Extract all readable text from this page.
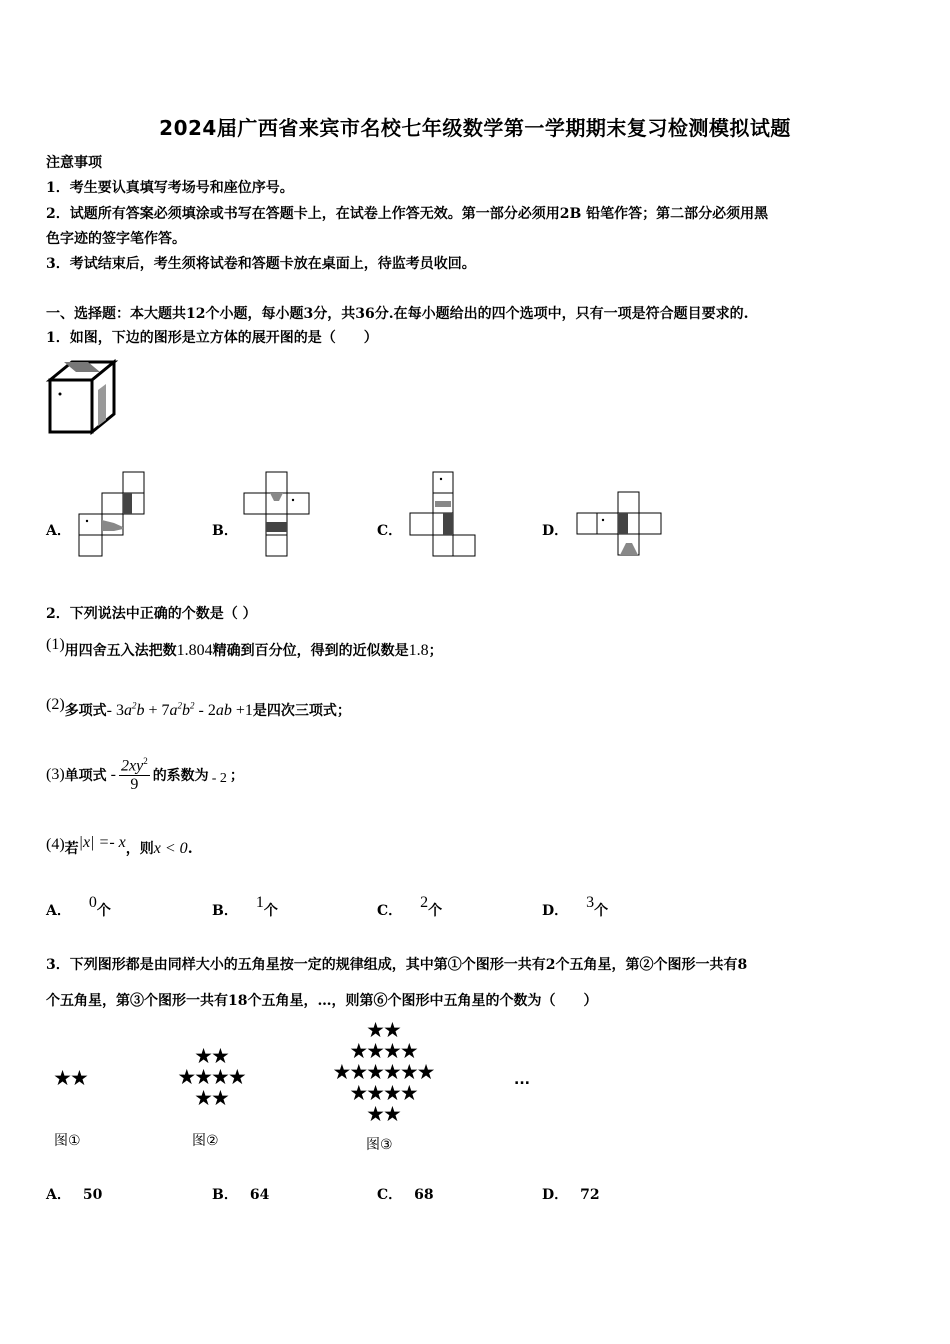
2024届广西省来宾市名校七年级数学第一学期期末复习检测模拟试题
注意事项
1．考生要认真填写考场号和座位序号。
2．试题所有答案必须填涂或书写在答题卡上，在试卷上作答无效。第一部分必须用2B 铅笔作答；第二部分必须用黑
色字迹的签字笔作答。
3．考试结束后，考生须将试卷和答题卡放在桌面上，待监考员收回。
一、选择题：本大题共12个小题，每小题3分，共36分.在每小题给出的四个选项中，只有一项是符合题目要求的.
1．如图，下边的图形是立方体的展开图的是（　　）
A．	B．	C．	D．
2．下列说法中正确的个数是（ ）
(1)用四舍五入法把数1.804精确到百分位，得到的近似数是1.8；
(2)多项式- $3a^2b + 7a^2b^2 - 2ab +1$是四次三项式；
(3) 单项式 - $\frac{2xy^2}{9}$ 的系数为 - 2 ；
(4)若|x| =- x，则x < 0.
A． 0个	B． 1个	C． 2个	D． 3个
3．下列图形都是由同样大小的五角星按一定的规律组成，其中第①个图形一共有2个五角星，第②个图形一共有8
个五角星，第③个图形一共有18个五角星，…，则第⑥个图形中五角星的个数为（　　）
★★
★★
★★★★
★★
★★
★★★★
★★★★★★
★★★★
★★
...
图①	图②	图③
A． 50	B． 64	C． 68	D． 72
